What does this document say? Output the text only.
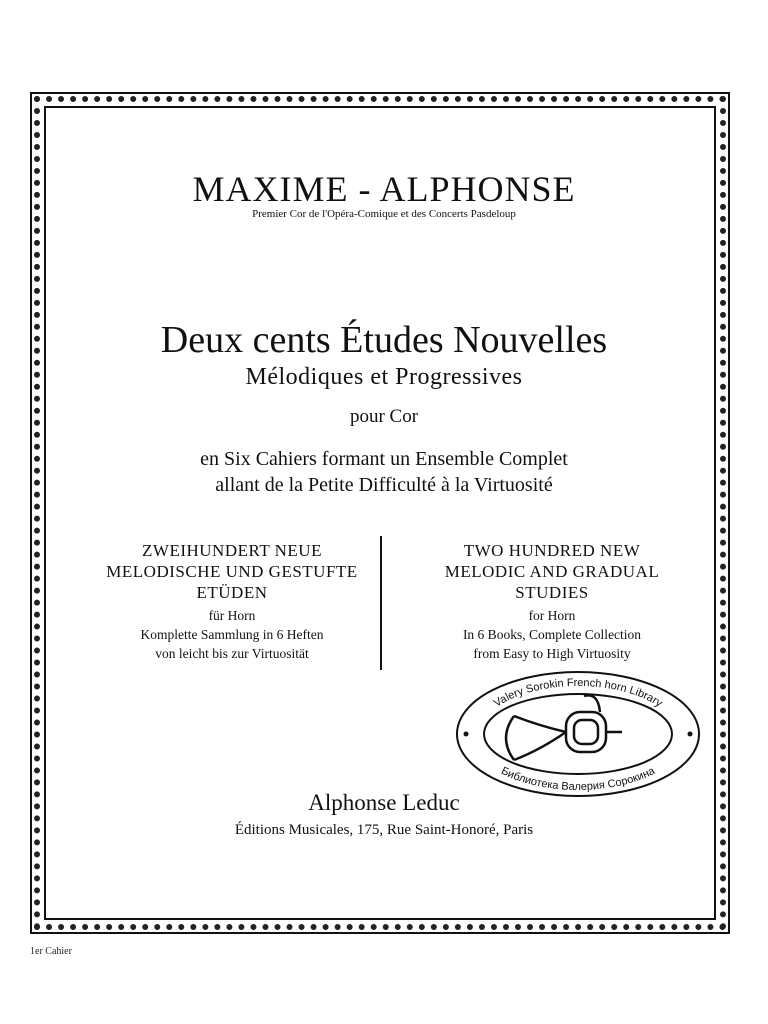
MAXIME - ALPHONSE
Premier Cor de l'Opéra-Comique et des Concerts Pasdeloup
Deux cents Études Nouvelles
Mélodiques et Progressives
pour Cor
en Six Cahiers formant un Ensemble Complet
allant de la Petite Difficulté à la Virtuosité
ZWEIHUNDERT NEUE
MELODISCHE UND GESTUFTE
ETÜDEN
für Horn
Komplette Sammlung in 6 Heften
von leicht bis zur Virtuosität
TWO HUNDRED NEW
MELODIC AND GRADUAL
STUDIES
for Horn
In 6 Books, Complete Collection
from Easy to High Virtuosity
Valery Sorokin French horn Library
Библиотека Валерия Сорокина
Alphonse Leduc
Éditions Musicales, 175, Rue Saint-Honoré, Paris
1er Cahier
